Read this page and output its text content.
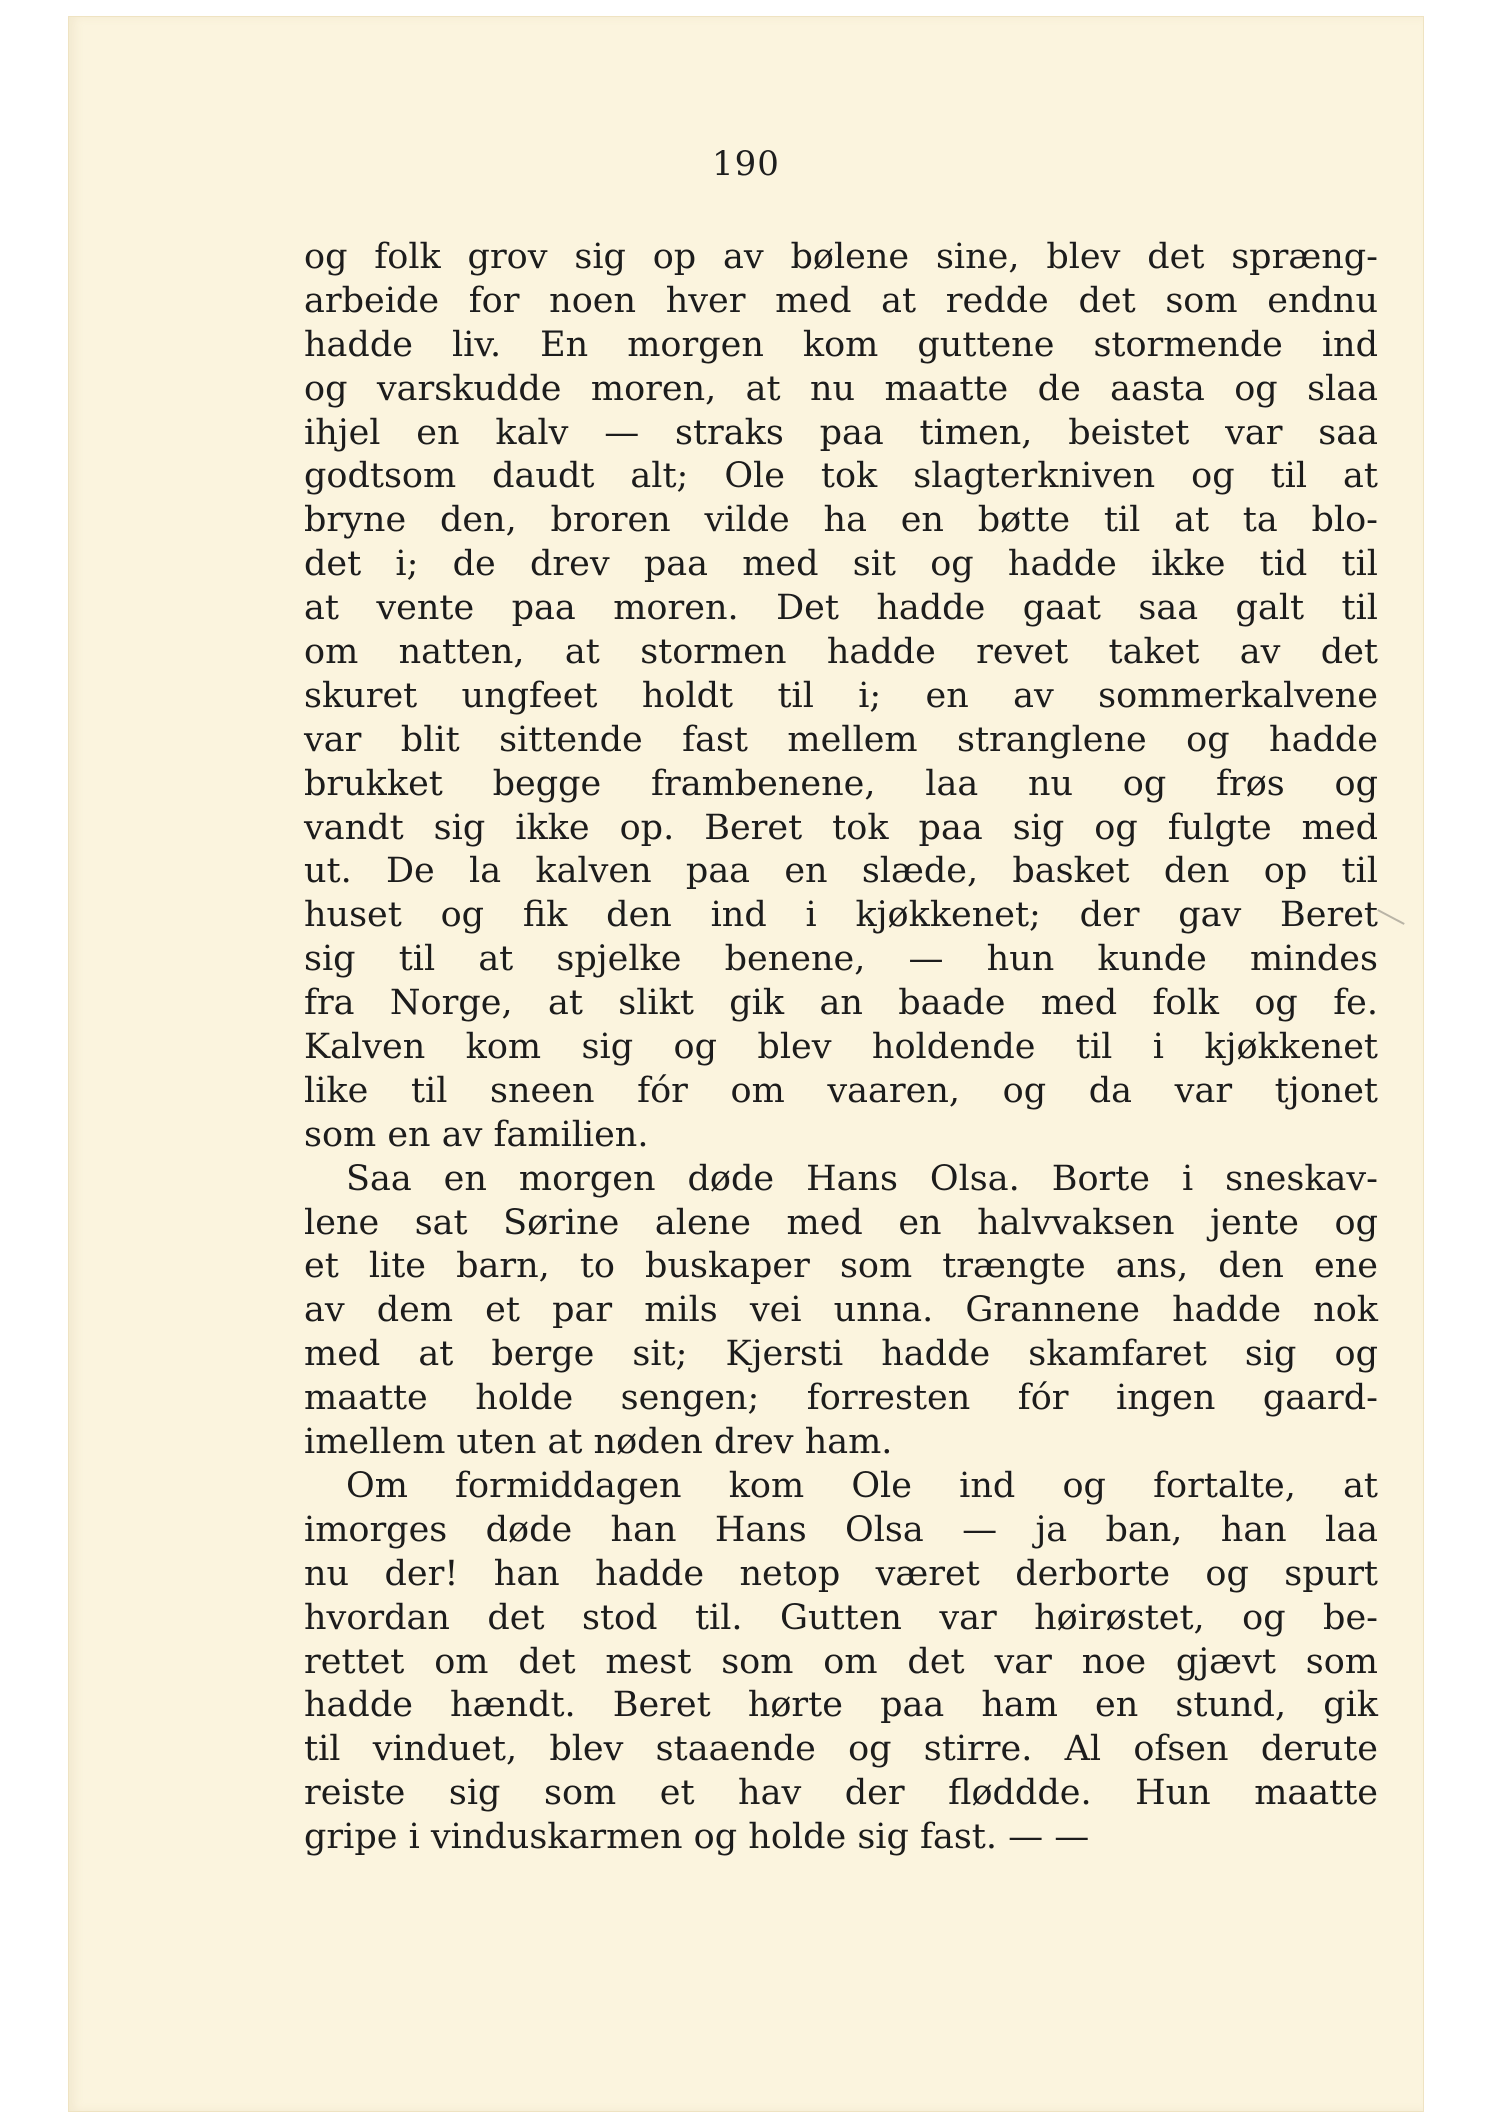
190
og folk grov sig op av bølene sine, blev det spræng-
arbeide for noen hver med at redde det som endnu
hadde liv. En morgen kom guttene stormende ind
og varskudde moren, at nu maatte de aasta og slaa
ihjel en kalv — straks paa timen, beistet var saa
godtsom daudt alt; Ole tok slagterkniven og til at
bryne den, broren vilde ha en bøtte til at ta blo-
det i; de drev paa med sit og hadde ikke tid til
at vente paa moren. Det hadde gaat saa galt til
om natten, at stormen hadde revet taket av det
skuret ungfeet holdt til i; en av sommerkalvene
var blit sittende fast mellem stranglene og hadde
brukket begge frambenene, laa nu og frøs og
vandt sig ikke op. Beret tok paa sig og fulgte med
ut. De la kalven paa en slæde, basket den op til
huset og fik den ind i kjøkkenet; der gav Beret
sig til at spjelke benene, — hun kunde mindes
fra Norge, at slikt gik an baade med folk og fe.
Kalven kom sig og blev holdende til i kjøkkenet
like til sneen fór om vaaren, og da var tjonet
som en av familien.
Saa en morgen døde Hans Olsa. Borte i sneskav-
lene sat Sørine alene med en halvvaksen jente og
et lite barn, to buskaper som trængte ans, den ene
av dem et par mils vei unna. Grannene hadde nok
med at berge sit; Kjersti hadde skamfaret sig og
maatte holde sengen; forresten fór ingen gaard-
imellem uten at nøden drev ham.
Om formiddagen kom Ole ind og fortalte, at
imorges døde han Hans Olsa — ja ban, han laa
nu der! han hadde netop været derborte og spurt
hvordan det stod til. Gutten var høirøstet, og be-
rettet om det mest som om det var noe gjævt som
hadde hændt. Beret hørte paa ham en stund, gik
til vinduet, blev staaende og stirre. Al ofsen derute
reiste sig som et hav der fløddde. Hun maatte
gripe i vinduskarmen og holde sig fast. — —
